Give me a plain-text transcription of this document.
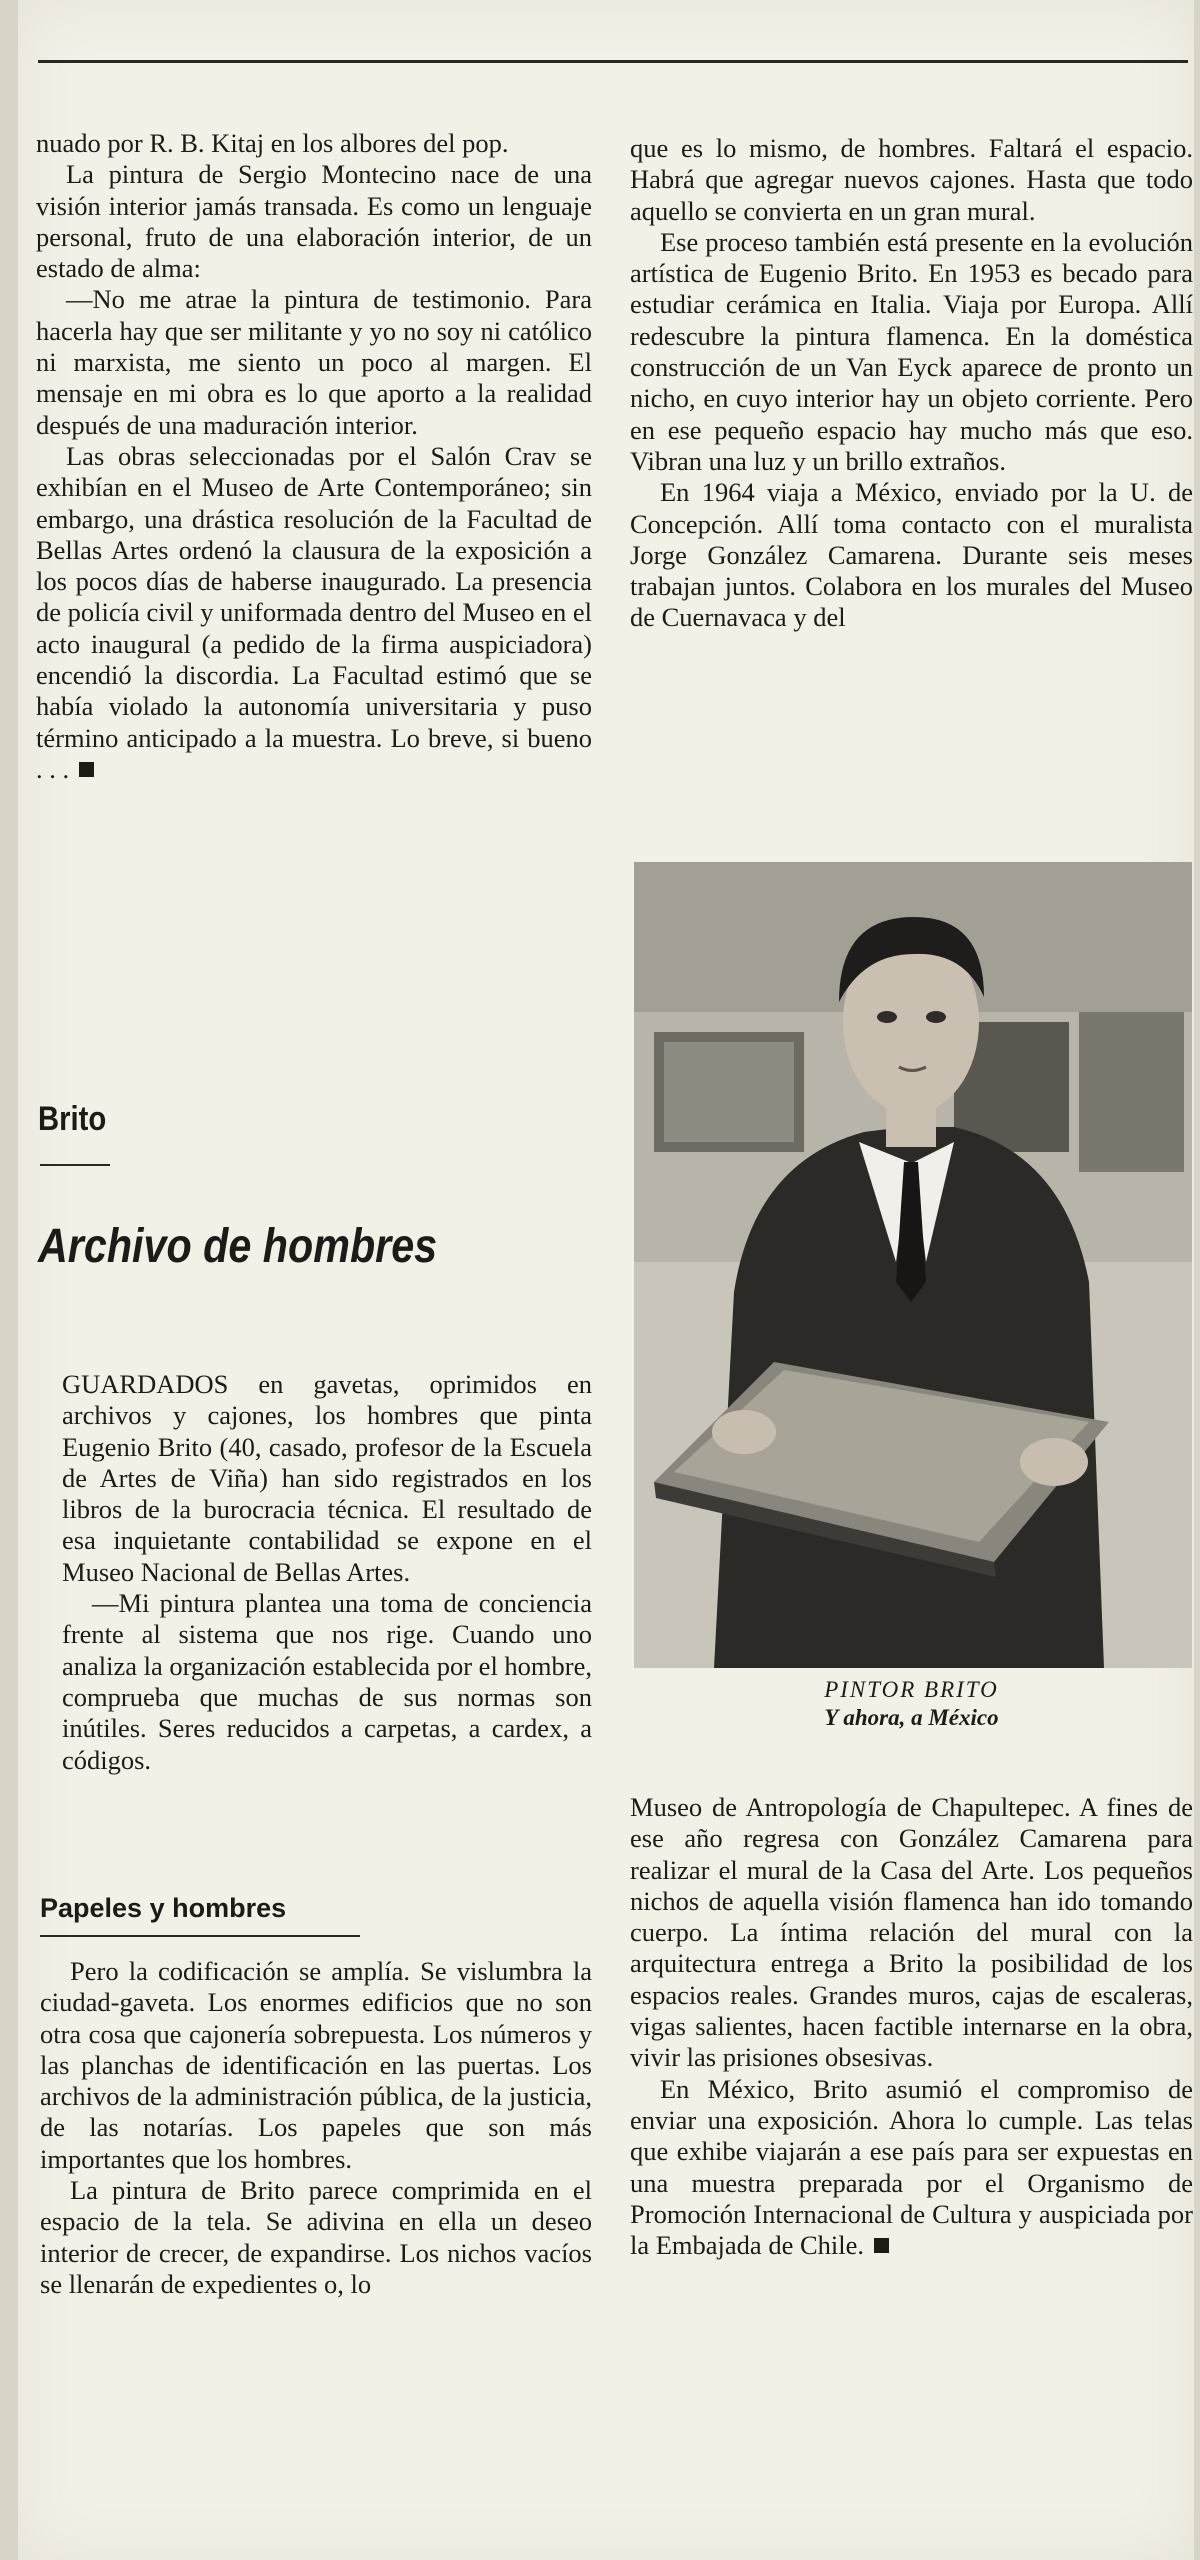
nuado por R. B. Kitaj en los albores del pop.

La pintura de Sergio Montecino nace de una visión interior jamás transada. Es como un lenguaje personal, fruto de una elaboración interior, de un estado de alma:

—No me atrae la pintura de testimonio. Para hacerla hay que ser militante y yo no soy ni católico ni marxista, me siento un poco al margen. El mensaje en mi obra es lo que aporto a la realidad después de una maduración interior.

Las obras seleccionadas por el Salón Crav se exhibían en el Museo de Arte Contemporáneo; sin embargo, una drástica resolución de la Facultad de Bellas Artes ordenó la clausura de la exposición a los pocos días de haberse inaugurado. La presencia de policía civil y uniformada dentro del Museo en el acto inaugural (a pedido de la firma auspiciadora) encendió la discordia. La Facultad estimó que se había violado la autonomía universitaria y puso término anticipado a la muestra. Lo breve, si bueno . . .

Brito
Archivo de hombres

GUARDADOS en gavetas, oprimidos en archivos y cajones, los hombres que pinta Eugenio Brito (40, casado, profesor de la Escuela de Artes de Viña) han sido registrados en los libros de la burocracia técnica. El resultado de esa inquietante contabilidad se expone en el Museo Nacional de Bellas Artes.

—Mi pintura plantea una toma de conciencia frente al sistema que nos rige. Cuando uno analiza la organización establecida por el hombre, comprueba que muchas de sus normas son inútiles. Seres reducidos a carpetas, a cardex, a códigos.

Papeles y hombres

Pero la codificación se amplía. Se vislumbra la ciudad-gaveta. Los enormes edificios que no son otra cosa que cajonería sobrepuesta. Los números y las planchas de identificación en las puertas. Los archivos de la administración pública, de la justicia, de las notarías. Los papeles que son más importantes que los hombres.

La pintura de Brito parece comprimida en el espacio de la tela. Se adivina en ella un deseo interior de crecer, de expandirse. Los nichos vacíos se llenarán de expedientes o, lo

que es lo mismo, de hombres. Faltará el espacio. Habrá que agregar nuevos cajones. Hasta que todo aquello se convierta en un gran mural.

Ese proceso también está presente en la evolución artística de Eugenio Brito. En 1953 es becado para estudiar cerámica en Italia. Viaja por Europa. Allí redescubre la pintura flamenca. En la doméstica construcción de un Van Eyck aparece de pronto un nicho, en cuyo interior hay un objeto corriente. Pero en ese pequeño espacio hay mucho más que eso. Vibran una luz y un brillo extraños.

En 1964 viaja a México, enviado por la U. de Concepción. Allí toma contacto con el muralista Jorge González Camarena. Durante seis meses trabajan juntos. Colabora en los murales del Museo de Cuernavaca y del

PINTOR BRITO
Y ahora, a México

Museo de Antropología de Chapultepec. A fines de ese año regresa con González Camarena para realizar el mural de la Casa del Arte. Los pequeños nichos de aquella visión flamenca han ido tomando cuerpo. La íntima relación del mural con la arquitectura entrega a Brito la posibilidad de los espacios reales. Grandes muros, cajas de escaleras, vigas salientes, hacen factible internarse en la obra, vivir las prisiones obsesivas.

En México, Brito asumió el compromiso de enviar una exposición. Ahora lo cumple. Las telas que exhibe viajarán a ese país para ser expuestas en una muestra preparada por el Organismo de Promoción Internacional de Cultura y auspiciada por la Embajada de Chile.
